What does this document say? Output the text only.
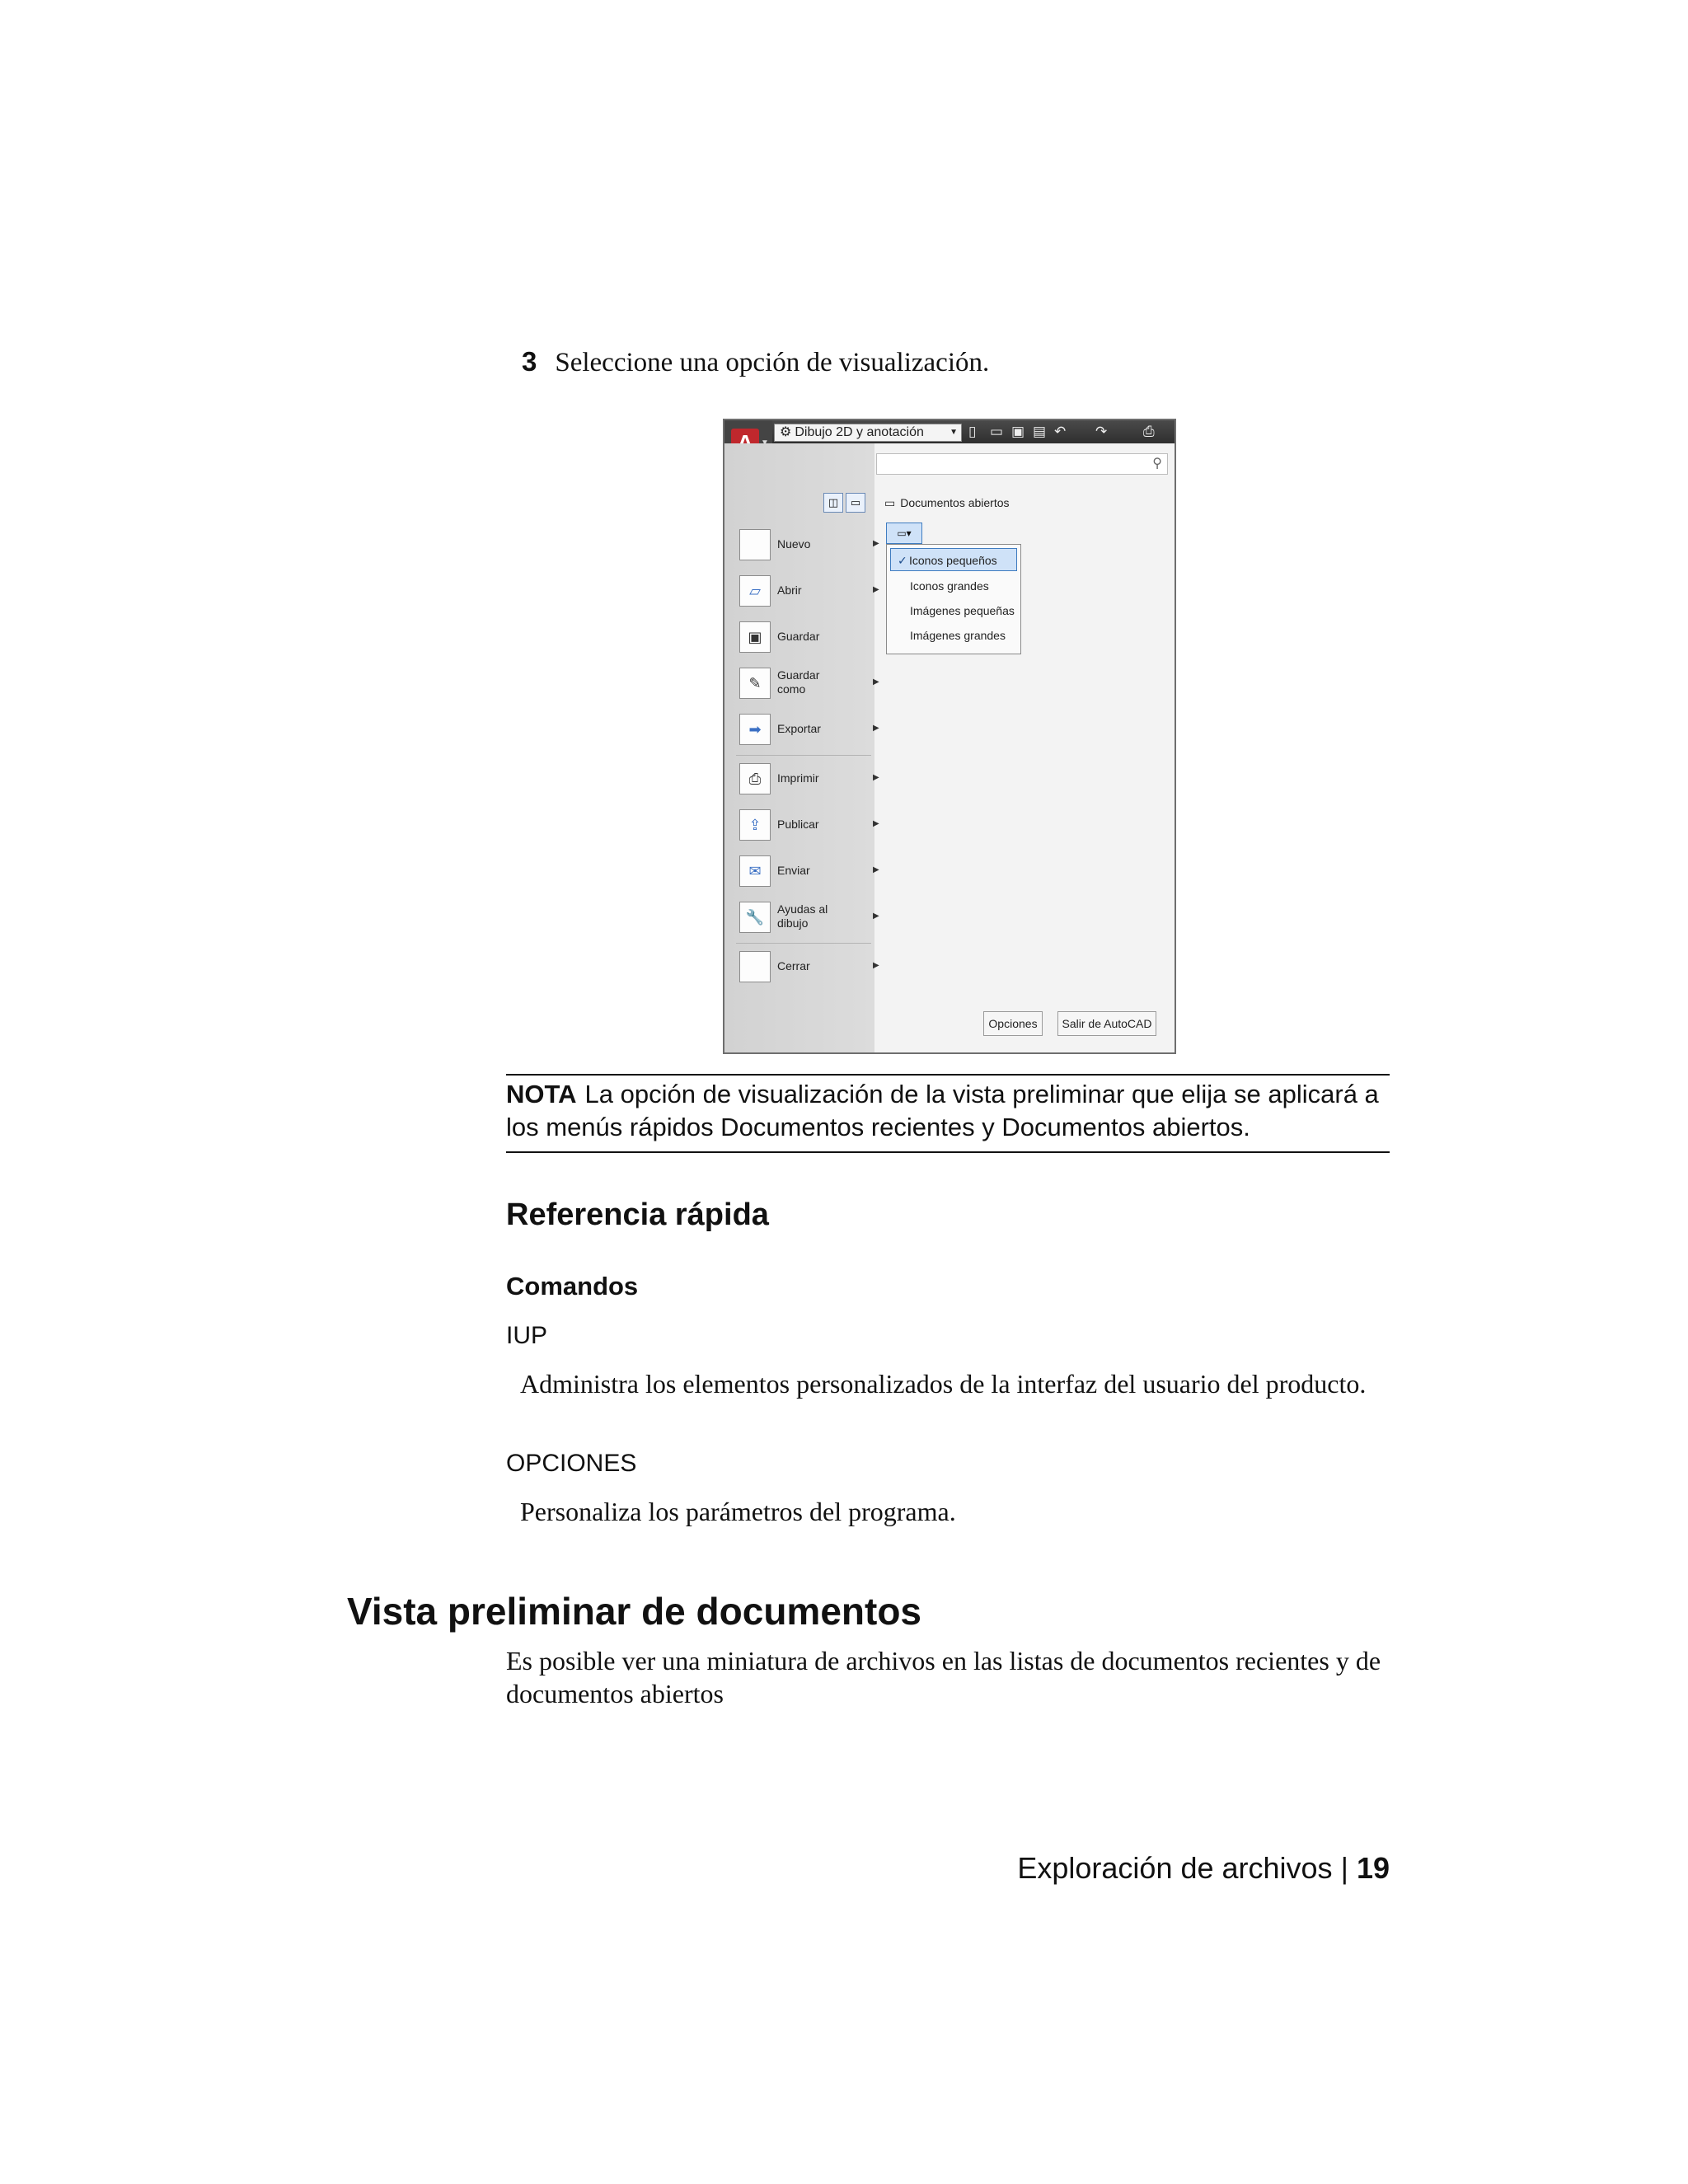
3 Seleccione una opción de visualización.
A
⚙ Dibujo 2D y anotación	▼ ▯ ▭ ▣ ▤ ↶ ↷	⎙
⚲
◫ ▭	▭ Documentos abiertos
▭▾
✓ Iconos pequeños
Iconos grandes
Imágenes pequeñas
Imágenes grandes
Nuevo	▶
▱	Abrir	▶
▣	Guardar
✎	Guardar como
▶
➡	Exportar	▶
⎙	Imprimir	▶
⇪	Publicar	▶
✉	Enviar	▶
🔧	Ayudas al dibujo
▶
Cerrar	▶
Opciones	Salir de AutoCAD
NOTA La opción de visualización de la vista preliminar que elija se aplicará a los menús rápidos Documentos recientes y Documentos abiertos.
Referencia rápida
Comandos
IUP
Administra los elementos personalizados de la interfaz del usuario del producto.
OPCIONES
Personaliza los parámetros del programa.
Vista preliminar de documentos
Es posible ver una miniatura de archivos en las listas de documentos recientes y de documentos abiertos
Exploración de archivos | 19
